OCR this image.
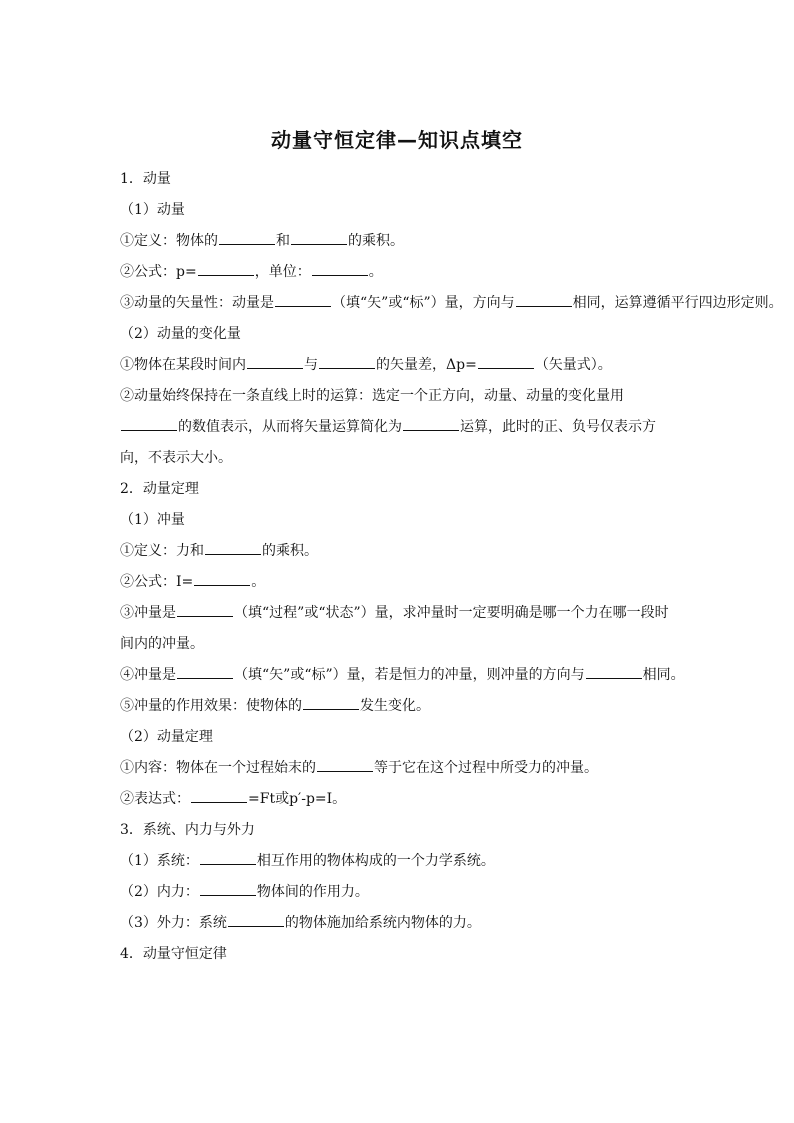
动量守恒定律—知识点填空
1．动量
（1）动量
①定义：物体的	和	的乘积。
②公式：p=	，单位：	。
③动量的矢量性：动量是	（填“矢”或“标”）量，方向与	相同，运算遵循平行四边形定则。
（2）动量的变化量
①物体在某段时间内	与	的矢量差，Δp=	（矢量式）。
②动量始终保持在一条直线上时的运算：选定一个正方向，动量、动量的变化量用的数值表示，从而将矢量运算简化为	运算，此时的正、负号仅表示方向，不表示大小。
2．动量定理
（1）冲量
①定义：力和	的乘积。
②公式：I=	。
③冲量是	（填“过程”或“状态”）量，求冲量时一定要明确是哪一个力在哪一段时间内的冲量。
④冲量是	（填“矢”或“标”）量，若是恒力的冲量，则冲量的方向与	相同。
⑤冲量的作用效果：使物体的	发生变化。
（2）动量定理
①内容：物体在一个过程始末的	等于它在这个过程中所受力的冲量。
②表达式：	=Ft或p′-p=I。
3．系统、内力与外力
（1）系统：	相互作用的物体构成的一个力学系统。
（2）内力：	物体间的作用力。
（3）外力：系统	的物体施加给系统内物体的力。
4．动量守恒定律
